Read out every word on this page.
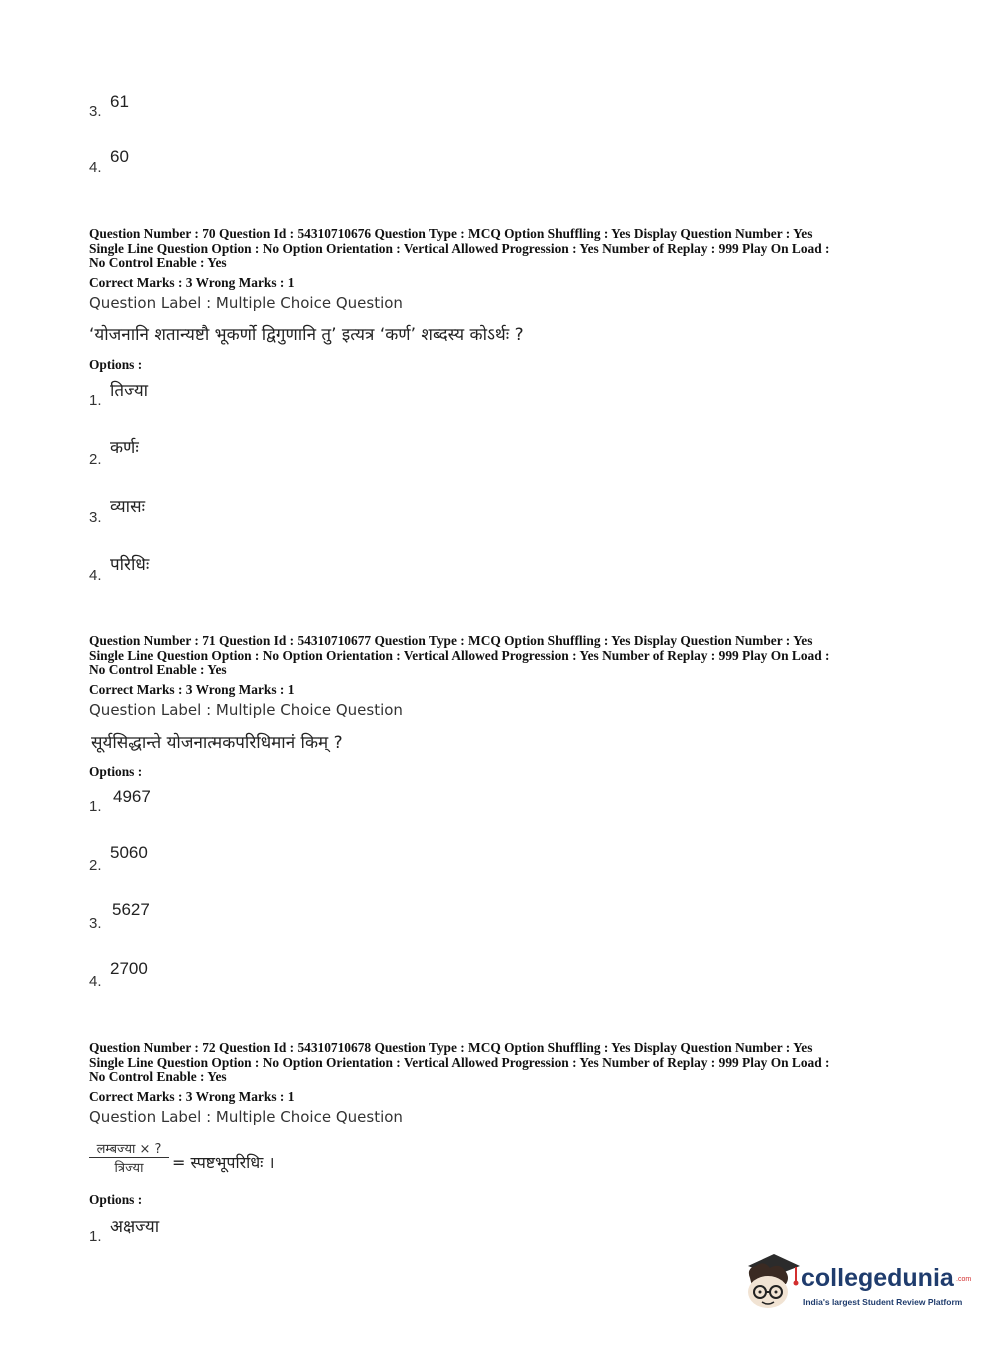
3.
61
4.
60
Question Number : 70 Question Id : 54310710676 Question Type : MCQ Option Shuffling : Yes Display Question Number : Yes
Single Line Question Option : No Option Orientation : Vertical Allowed Progression : Yes Number of Replay : 999 Play On Load :
No Control Enable : Yes
Correct Marks : 3 Wrong Marks : 1
Question Label : Multiple Choice Question
‘योजनानि शतान्यष्टौ भूकर्णो द्विगुणानि तु’ इत्यत्र ‘कर्ण’ शब्दस्य कोऽर्थः ?
Options :
1. तिज्या
2.
कर्णः
3.
व्यासः
4.
परिधिः
Question Number : 71 Question Id : 54310710677 Question Type : MCQ Option Shuffling : Yes Display Question Number : Yes
Single Line Question Option : No Option Orientation : Vertical Allowed Progression : Yes Number of Replay : 999 Play On Load :
No Control Enable : Yes
Correct Marks : 3 Wrong Marks : 1
Question Label : Multiple Choice Question
सूर्यसिद्धान्ते योजनात्मकपरिधिमानं किम् ?
Options :
1.
4967
2.
5060
3.
5627
4.
2700
Question Number : 72 Question Id : 54310710678 Question Type : MCQ Option Shuffling : Yes Display Question Number : Yes
Single Line Question Option : No Option Orientation : Vertical Allowed Progression : Yes Number of Replay : 999 Play On Load :
No Control Enable : Yes
Correct Marks : 3 Wrong Marks : 1
Question Label : Multiple Choice Question
लम्बज्या × ?
त्रिज्या	= स्पष्टभूपरिधिः ।
Options :
1. अक्षज्या
collegedunia .com
India's largest Student Review Platform
